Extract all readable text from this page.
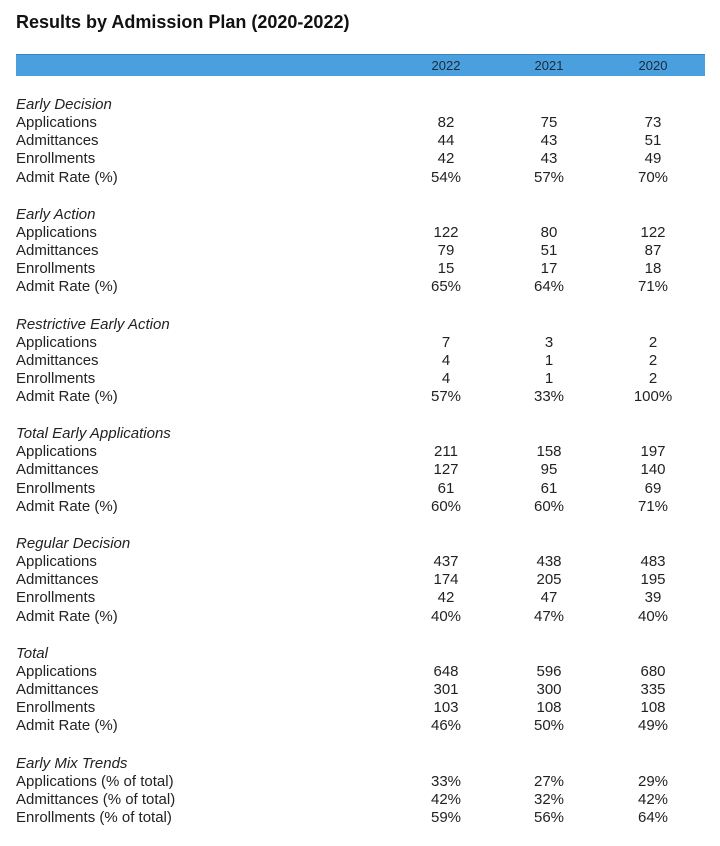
Results by Admission Plan (2020-2022)
2022	2021	2020
Early Decision
Applications	82	75	73
Admittances	44	43	51
Enrollments	42	43	49
Admit Rate (%)	54%	57%	70%
Early Action
Applications	122	80	122
Admittances	79	51	87
Enrollments	15	17	18
Admit Rate (%)	65%	64%	71%
Restrictive Early Action
Applications	7	3	2
Admittances	4	1	2
Enrollments	4	1	2
Admit Rate (%)	57%	33%	100%
Total Early Applications
Applications	211	158	197
Admittances	127	95	140
Enrollments	61	61	69
Admit Rate (%)	60%	60%	71%
Regular Decision
Applications	437	438	483
Admittances	174	205	195
Enrollments	42	47	39
Admit Rate (%)	40%	47%	40%
Total
Applications	648	596	680
Admittances	301	300	335
Enrollments	103	108	108
Admit Rate (%)	46%	50%	49%
Early Mix Trends
Applications (% of total)	33%	27%	29%
Admittances (% of total)	42%	32%	42%
Enrollments (% of total)	59%	56%	64%
